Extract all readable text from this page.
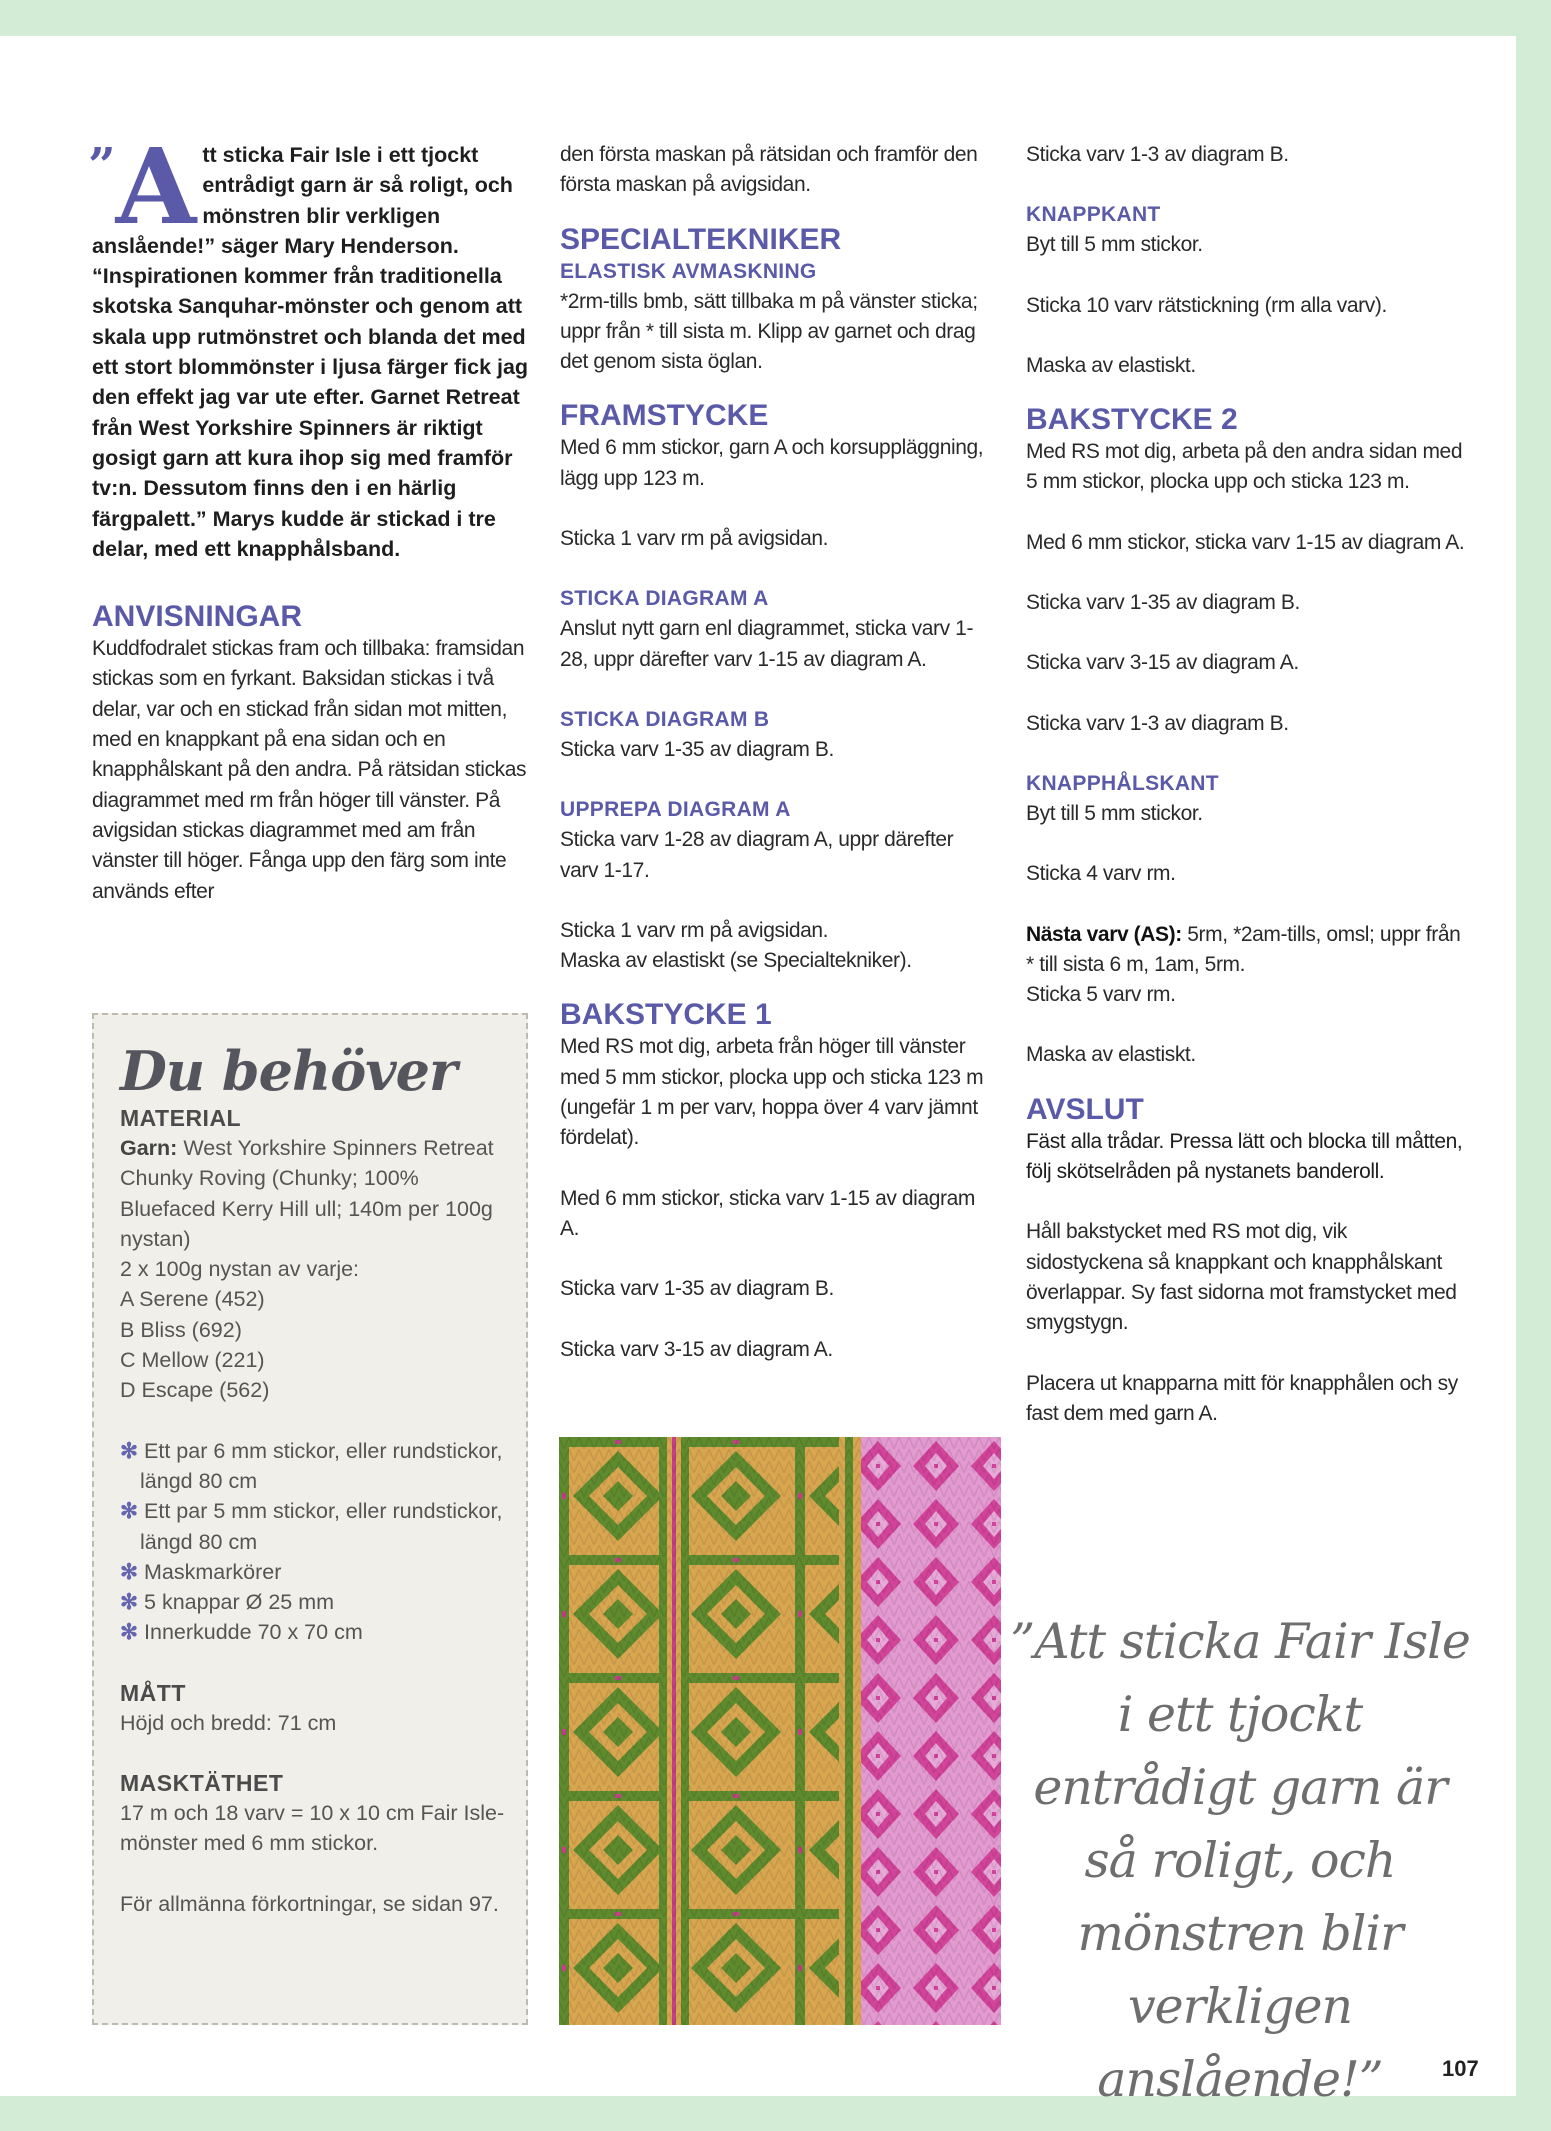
”A tt sticka Fair Isle i ett tjockt entrådigt garn är så roligt, och mönstren blir verkligen anslående!” säger Mary Henderson. “Inspirationen kommer från traditionella skotska Sanquhar-mönster och genom att skala upp rutmönstret och blanda det med ett stort blommönster i ljusa färger fick jag den effekt jag var ute efter. Garnet Retreat från West Yorkshire Spinners är riktigt gosigt garn att kura ihop sig med framför tv:n. Dessutom finns den i en härlig färgpalett.” Marys kudde är stickad i tre delar, med ett knapphålsband.

ANVISNINGAR

Kuddfodralet stickas fram och tillbaka: framsidan stickas som en fyrkant. Baksidan stickas i två delar, var och en stickad från sidan mot mitten, med en knappkant på ena sidan och en knapphålskant på den andra. På rätsidan stickas diagrammet med rm från höger till vänster. På avigsidan stickas diagrammet med am från vänster till höger. Fånga upp den färg som inte används efter

Du behöver
MATERIAL

Garn: West Yorkshire Spinners Retreat Chunky Roving (Chunky; 100% Bluefaced Kerry Hill ull; 140m per 100g nystan)

2 x 100g nystan av varje:

A Serene (452)

B Bliss (692)

C Mellow (221)

D Escape (562)

✻ Ett par 6 mm stickor, eller rundstickor, längd 80 cm

✻ Ett par 5 mm stickor, eller rundstickor, längd 80 cm

✻ Maskmarkörer

✻ 5 knappar Ø 25 mm

✻ Innerkudde 70 x 70 cm

MÅTT

Höjd och bredd: 71 cm

MASKTÄTHET

17 m och 18 varv = 10 x 10 cm Fair Isle-mönster med 6 mm stickor.

För allmänna förkortningar, se sidan 97.

den första maskan på rätsidan och framför den första maskan på avigsidan.

SPECIALTEKNIKER

ELASTISK AVMASKNING

*2rm-tills bmb, sätt tillbaka m på vänster sticka; uppr från * till sista m. Klipp av garnet och drag det genom sista öglan.

FRAMSTYCKE

Med 6 mm stickor, garn A och korsuppläggning, lägg upp 123 m.

Sticka 1 varv rm på avigsidan.

STICKA DIAGRAM A

Anslut nytt garn enl diagrammet, sticka varv 1-28, uppr därefter varv 1-15 av diagram A.

STICKA DIAGRAM B

Sticka varv 1-35 av diagram B.

UPPREPA DIAGRAM A

Sticka varv 1-28 av diagram A, uppr därefter varv 1-17.

Sticka 1 varv rm på avigsidan.

Maska av elastiskt (se Specialtekniker).

BAKSTYCKE 1

Med RS mot dig, arbeta från höger till vänster med 5 mm stickor, plocka upp och sticka 123 m (ungefär 1 m per varv, hoppa över 4 varv jämnt fördelat).

Med 6 mm stickor, sticka varv 1-15 av diagram A.

Sticka varv 1-35 av diagram B.

Sticka varv 3-15 av diagram A.

Sticka varv 1-3 av diagram B.

KNAPPKANT

Byt till 5 mm stickor.

Sticka 10 varv rätstickning (rm alla varv).

Maska av elastiskt.

BAKSTYCKE 2

Med RS mot dig, arbeta på den andra sidan med 5 mm stickor, plocka upp och sticka 123 m.

Med 6 mm stickor, sticka varv 1-15 av diagram A.

Sticka varv 1-35 av diagram B.

Sticka varv 3-15 av diagram A.

Sticka varv 1-3 av diagram B.

KNAPPHÅLSKANT

Byt till 5 mm stickor.

Sticka 4 varv rm.

Nästa varv (AS): 5rm, *2am-tills, omsl; uppr från * till sista 6 m, 1am, 5rm.

Sticka 5 varv rm.

Maska av elastiskt.

AVSLUT

Fäst alla trådar. Pressa lätt och blocka till måtten, följ skötselråden på nystanets banderoll.

Håll bakstycket med RS mot dig, vik sidostyckena så knappkant och knapphålskant överlappar. Sy fast sidorna mot framstycket med smygstygn.

Placera ut knapparna mitt för knapphålen och sy fast dem med garn A.

”Att sticka Fair Isle i ett tjockt entrådigt garn är så roligt, och mönstren blir verkligen anslående!”	107
